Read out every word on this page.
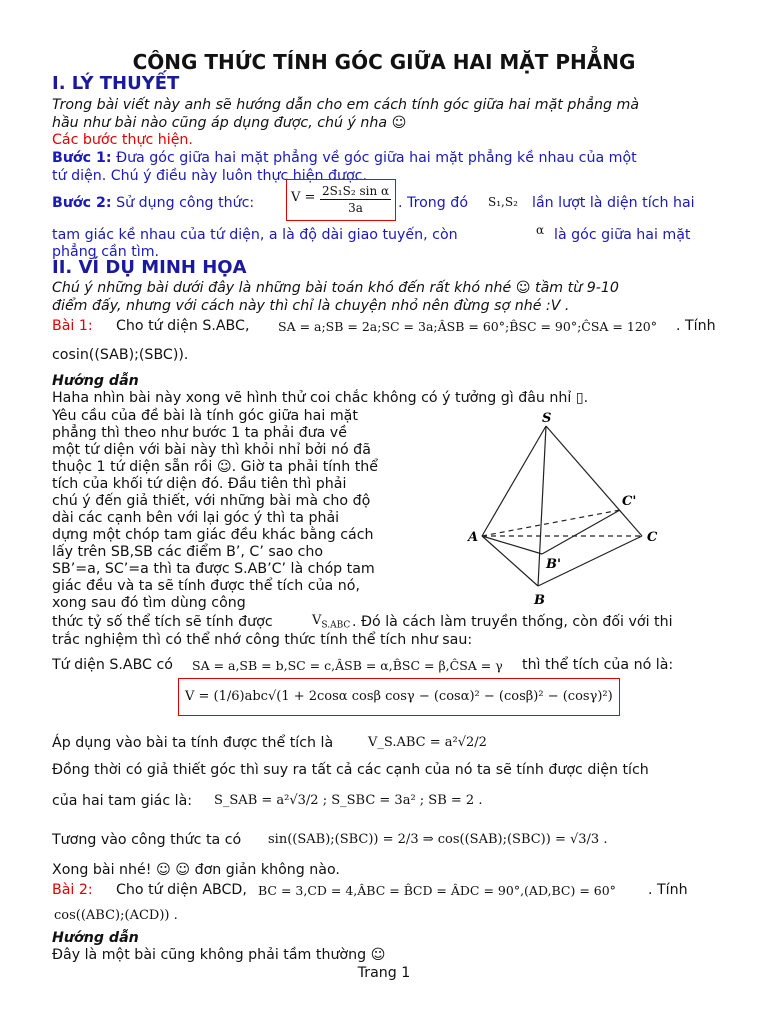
CÔNG THỨC TÍNH GÓC GIỮA HAI MẶT PHẲNG
I. LÝ THUYẾT
Trong bài viết này anh sẽ hướng dẫn cho em cách tính góc giữa hai mặt phẳng mà
hầu như bài nào cũng áp dụng được, chú ý nha ☺
Các bước thực hiện.
Bước 1: Đưa góc giữa hai mặt phẳng về góc giữa hai mặt phẳng kề nhau của một
tứ diện. Chú ý điều này luôn thực hiện được.
Bước 2: Sử dụng công thức:	$V = \frac{\text{2S₁S₂ sin α}}{3a}$ . Trong đó S₁,S₂ lần lượt là diện tích hai
tam giác kề nhau của tứ diện, a là độ dài giao tuyến, còn	α là góc giữa hai mặt
phẳng cần tìm.
II. VÍ DỤ MINH HỌA
Chú ý những bài dưới đây là những bài toán khó đến rất khó nhé ☺ tầm từ 9-10
điểm đấy, nhưng với cách này thì chỉ là chuyện nhỏ nên đừng sợ nhé :V .
Bài 1: Cho tứ diện S.ABC, SA = a;SB = 2a;SC = 3a;ÂSB = 60°;B̂SC = 90°;ĈSA = 120° . Tính
cosin((SAB);(SBC)).
Hướng dẫn
Haha nhìn bài này xong vẽ hình thử coi chắc không có ý tưởng gì đâu nhỉ ▯.
Yêu cầu của đề bài là tính góc giữa hai mặt
phẳng thì theo như bước 1 ta phải đưa về
một tứ diện với bài này thì khỏi nhỉ bởi nó đã
thuộc 1 tứ diện sẵn rồi ☺. Giờ ta phải tính thể
tích của khối tứ diện đó. Đầu tiên thì phải
chú ý đến giả thiết, với những bài mà cho độ
dài các cạnh bên với lại góc ý thì ta phải
dựng một chóp tam giác đều khác bằng cách
lấy trên SB,SB các điểm B’, C’ sao cho
SB’=a, SC’=a thì ta được S.AB’C’ là chóp tam
giác đều và ta sẽ tính được thể tích của nó,
xong sau đó tìm dùng công
S
A
B
C
B'
C'
thức tỷ số thể tích sẽ tính được	$V_{S.ABC}$ . Đó là cách làm truyền thống, còn đối với thi
trắc nghiệm thì có thể nhớ công thức tính thể tích như sau:
Tứ diện S.ABC có SA = a,SB = b,SC = c,ÂSB = α,B̂SC = β,ĈSA = γ thì thể tích của nó là:
V = (1/6)abc√(1 + 2cosα cosβ cosγ − (cosα)² − (cosβ)² − (cosγ)²)
Áp dụng vào bài ta tính được thể tích là	V_S.ABC = a²√2/2
Đồng thời có giả thiết góc thì suy ra tất cả các cạnh của nó ta sẽ tính được diện tích
của hai tam giác là: S_SAB = a²√3/2 ; S_SBC = 3a² ; SB = 2 .
Tương vào công thức ta có sin((SAB);(SBC)) = 2/3 ⇒ cos((SAB);(SBC)) = √3/3 .
Xong bài nhé! ☺ ☺ đơn giản không nào.
Bài 2: Cho tứ diện ABCD, BC = 3,CD = 4,ÂBC = B̂CD = ÂDC = 90°,(AD,BC) = 60° . Tính
cos((ABC);(ACD)) .
Hướng dẫn
Đây là một bài cũng không phải tầm thường ☺
Trang 1
